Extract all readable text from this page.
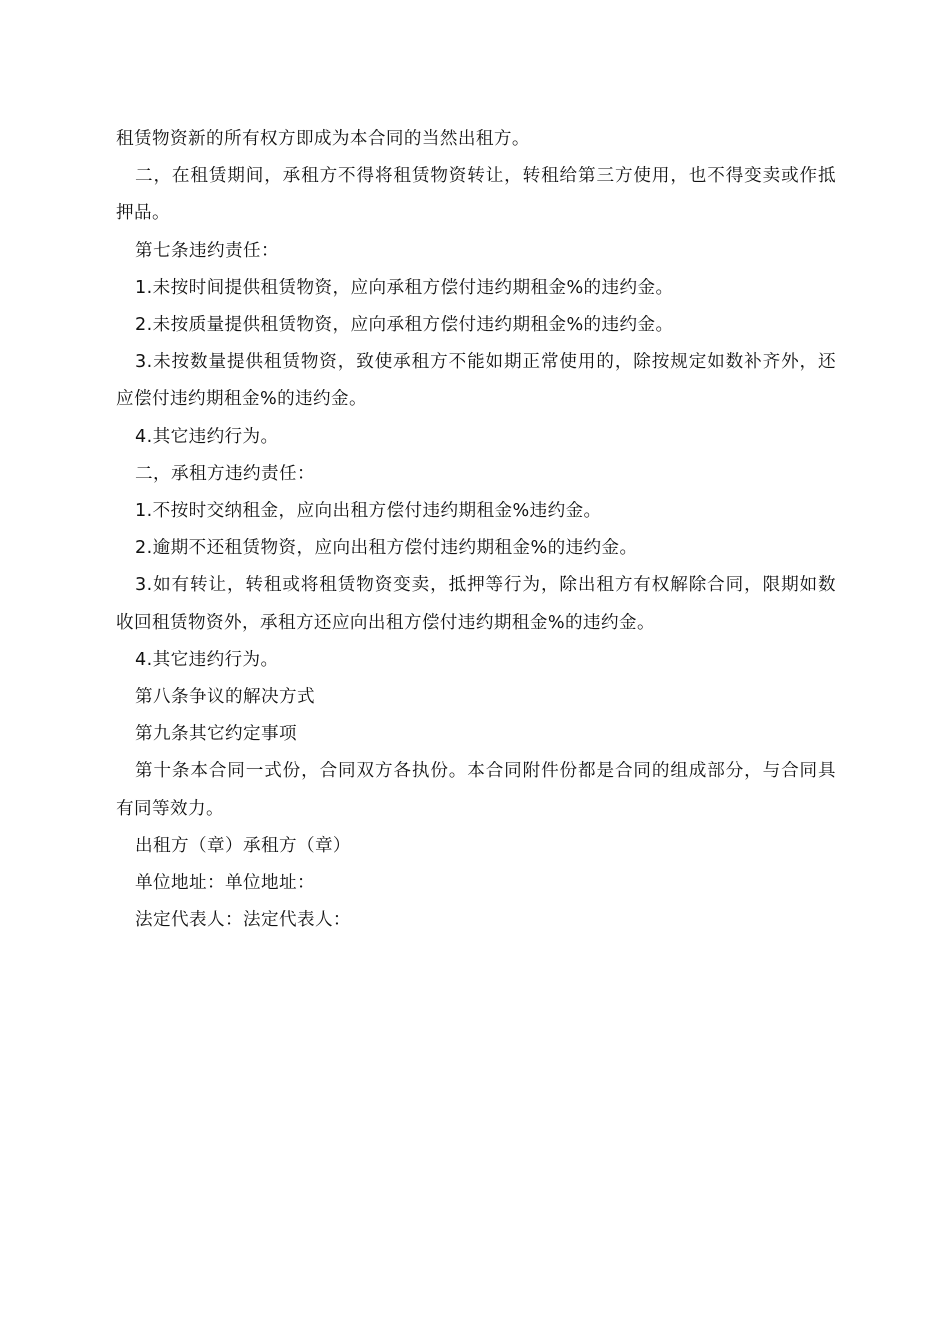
租赁物资新的所有权方即成为本合同的当然出租方。

二，在租赁期间，承租方不得将租赁物资转让，转租给第三方使用，也不得变卖或作抵押品。

第七条违约责任：

1.未按时间提供租赁物资，应向承租方偿付违约期租金%的违约金。

2.未按质量提供租赁物资，应向承租方偿付违约期租金%的违约金。

3.未按数量提供租赁物资，致使承租方不能如期正常使用的，除按规定如数补齐外，还应偿付违约期租金%的违约金。

4.其它违约行为。

二，承租方违约责任：

1.不按时交纳租金，应向出租方偿付违约期租金%违约金。

2.逾期不还租赁物资，应向出租方偿付违约期租金%的违约金。

3.如有转让，转租或将租赁物资变卖，抵押等行为，除出租方有权解除合同，限期如数收回租赁物资外，承租方还应向出租方偿付违约期租金%的违约金。

4.其它违约行为。

第八条争议的解决方式

第九条其它约定事项

第十条本合同一式份，合同双方各执份。本合同附件份都是合同的组成部分，与合同具有同等效力。

出租方（章）承租方（章）

单位地址：单位地址：

法定代表人：法定代表人：
